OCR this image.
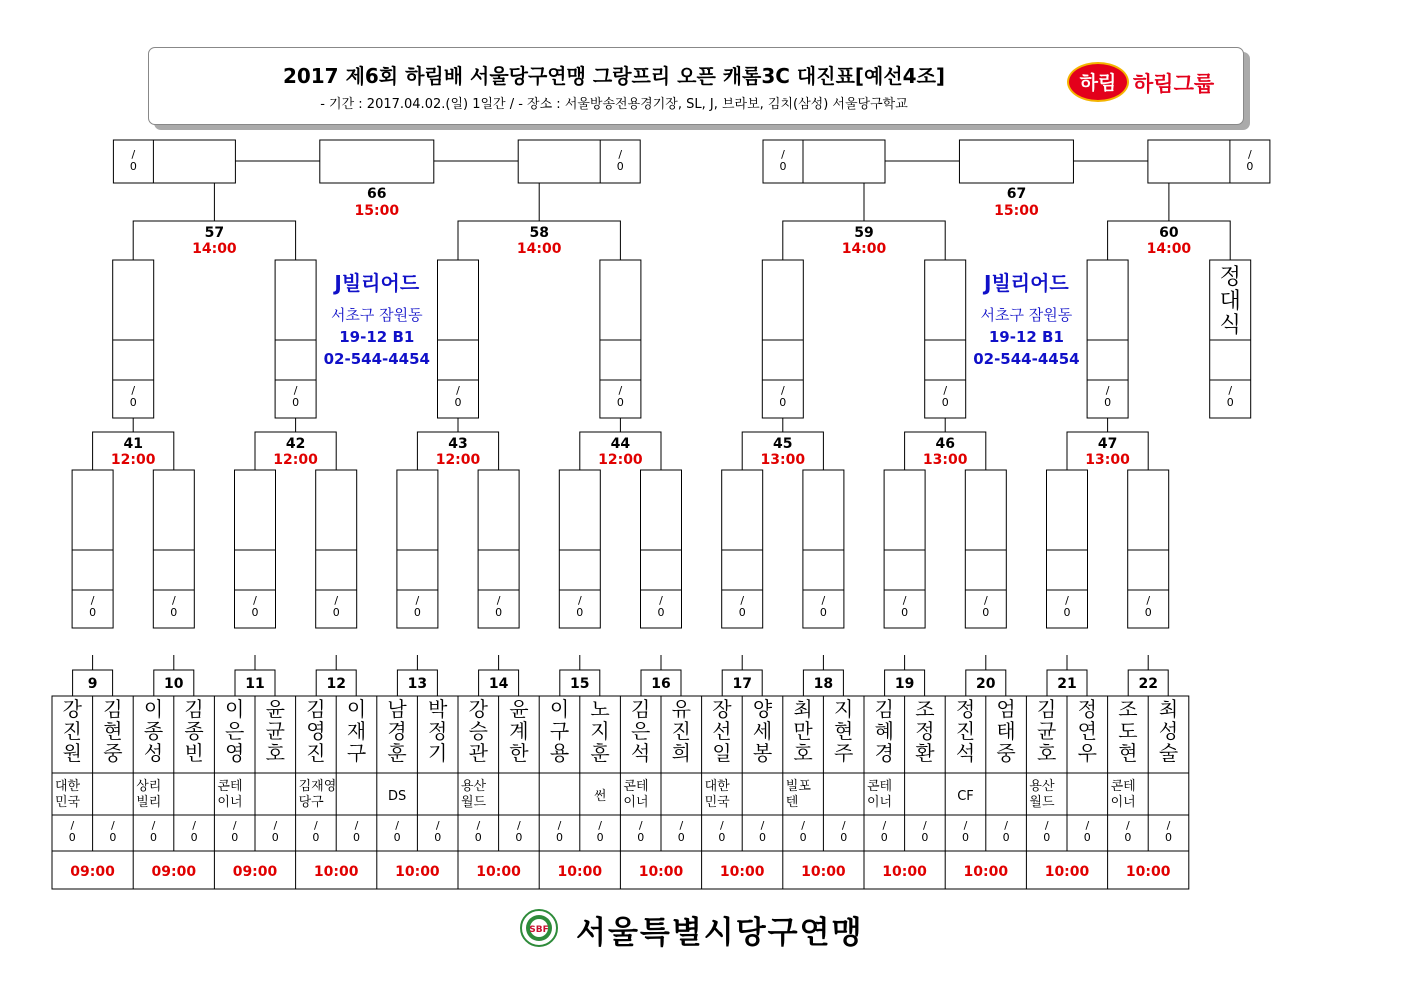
2017 제6회 하림배 서울당구연맹 그랑프리 오픈 캐롬3C 대진표[예선4조]
- 기간 : 2017.04.02.(일) 1일간 / - 장소 : 서울방송전용경기장, SL, J, 브라보, 김치(삼성) 서울당구학교
하림 하림그룹
9
09:00
강 진 원
대한 민국
/
0
김 현 중
/
0
10
09:00
이 종 성
상리 빌리
/
0
김 종 빈
/
0
11
09:00
이 은 영
콘테 이너
/
0
윤 균 호
/
0
12
10:00
김 영 진
김재영 당구
/
0
이 재 구
/
0
13
10:00
남 경 훈
DS
/
0
박 정 기
/
0
14
10:00
강 승 관
용산 월드
/
0
윤 계 한
/
0
15
10:00
이 구 용
/
0
노 지 훈
썬
/
0
16
10:00
김 은 석
콘테 이너
/
0
유 진 희
/
0
17
10:00
장 선 일
대한 민국
/
0
양 세 봉
/
0
18
10:00
최 만 호
빌포 텐
/
0
지 현 주
/
0
19
10:00
김 혜 경
콘테 이너
/
0
조 정 환
/
0
20
10:00
정 진 석
CF
/
0
엄 태 중
/
0
21
10:00
김 균 호
용산 월드
/
0
정 연 우
/
0
22
10:00
조 도 현
콘테 이너
/
0
최 성 술
/
0
/
0
/
0
41
12:00
/
0
/
0
42
12:00
/
0
/
0
43
12:00
/
0
/
0
44
12:00
/
0
/
0
45
13:00
/
0
/
0
46
13:00
/
0
/
0
47
13:00
/
0
/
0
57
14:00
/
0
/
0
58
14:00
/
0
/
0
59
14:00
/
0
정 대 식
/
0
60
14:00
J빌리어드
서초구 잠원동
19-12 B1
02-544-4454
J빌리어드
서초구 잠원동
19-12 B1
02-544-4454
/
0
/
0
66
15:00
/
0
/
0
67
15:00
SBF 서울특별시당구연맹
